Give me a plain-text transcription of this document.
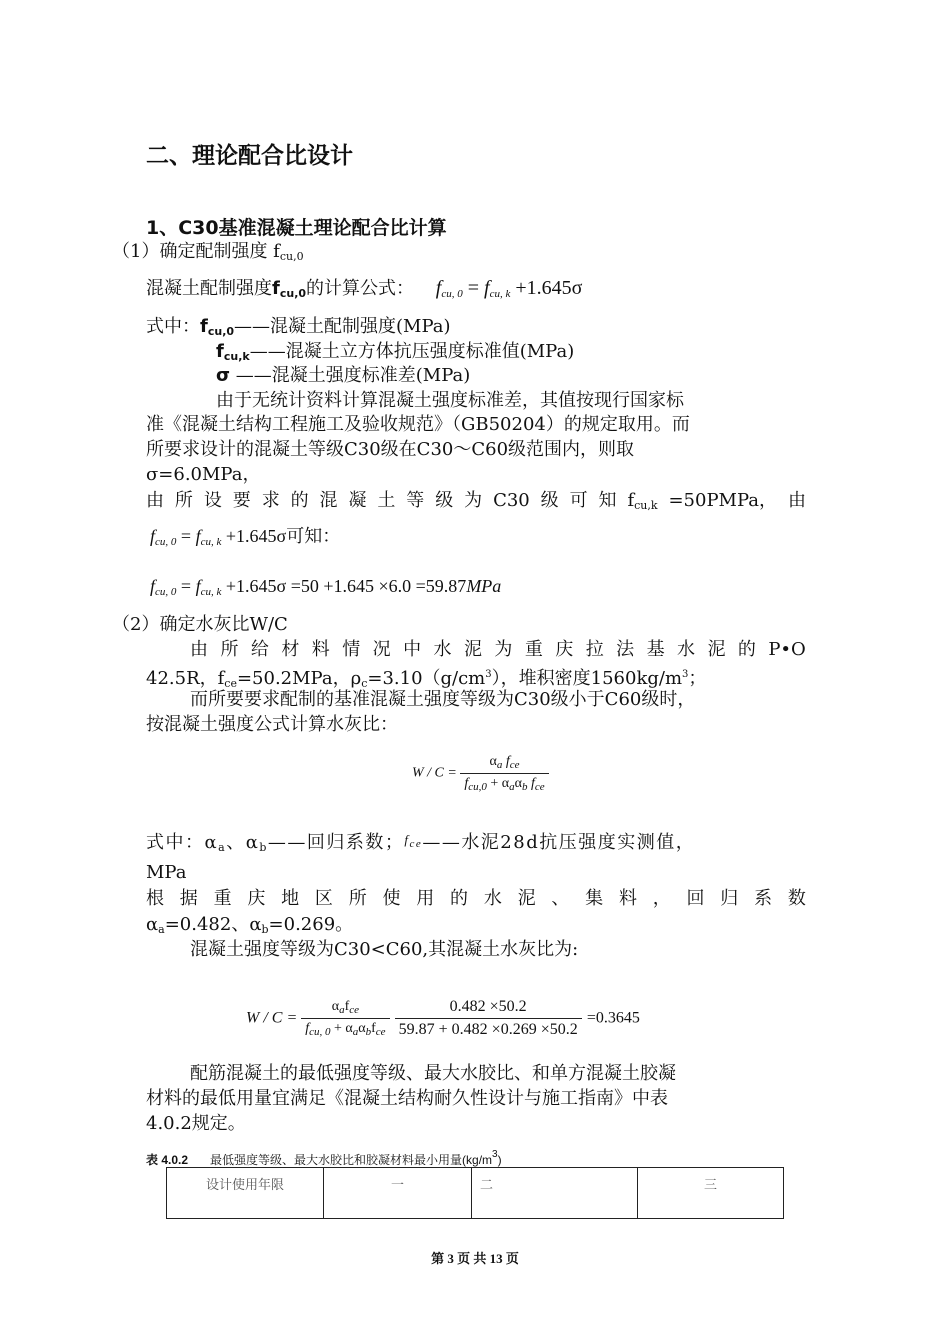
二、理论配合比设计
1、C30基准混凝土理论配合比计算
（1）确定配制强度 $f_{cu,0}$
混凝土配制强度$f_{cu,0}$的计算公式： $f_{cu, 0} = f_{cu, k} +1.645\sigma$
式中：$f_{cu,0}——$混凝土配制强度(MPa)
$f_{cu,k}——$混凝土立方体抗压强度标准值(MPa)
σ ——混凝土强度标准差(MPa)
由于无统计资料计算混凝土强度标准差，其值按现行国家标
准《混凝土结构工程施工及验收规范》（GB50204）的规定取用。而
所要求设计的混凝土等级C30级在C30～C60级范围内，则取
σ=6.0MPa，
由 所 设 要 求 的 混 凝 土 等 级 为 C30 级 可 知 $f_{cu,k}$ =50PMPa， 由
$f_{cu, 0} = f_{cu, k} +1.645\sigma$可知：
$f_{cu, 0} = f_{cu, k} +1.645\sigma =50 +1.645 \times 6.0 =59.87MPa$
（2）确定水灰比W/C
由 所 给 材 料 情 况 中 水 泥 为 重 庆 拉 法 基 水 泥 的 P•O
42.5R，$f_{ce}=50.2MPa$，$\rho_c=3.10(g/cm^3)$，堆积密度$1560kg/m^3$；
而所要要求配制的基准混凝土强度等级为C30级小于C60级时，
按混凝土强度公式计算水灰比：
$W / C = \frac{\alpha_a f_{ce}}{f_{cu,0} + \alpha_a\alpha_b f_{ce}}$
式中：$\alpha_a$、$\alpha_b——$回归系数；$^{f_{ce}}$——水泥28d抗压强度实测值，
MPa
根 据 重 庆 地 区 所 使 用 的 水 泥 、 集 料 ， 回 归 系 数
$\alpha_a=0.482$、$\alpha_b=0.269$。
混凝土强度等级为C30<C60,其混凝土水灰比为:
$W / C = \frac{\alpha_af_{ce}}{f_{cu, 0} + \alpha_a\alpha_bf_{ce}}$
$\frac{0.482 \times 50.2}{59.87 + 0.482 \times 0.269 \times 50.2} =0.3645$
配筋混凝土的最低强度等级、最大水胶比、和单方混凝土胶凝
材料的最低用量宜满足《混凝土结构耐久性设计与施工指南》中表
4.0.2规定。
表 4.0.2 最低强度等级、最大水胶比和胶凝材料最小用量$(kg/m^3)$
设计使用年限	一	二	三
第 3 页 共 13 页
